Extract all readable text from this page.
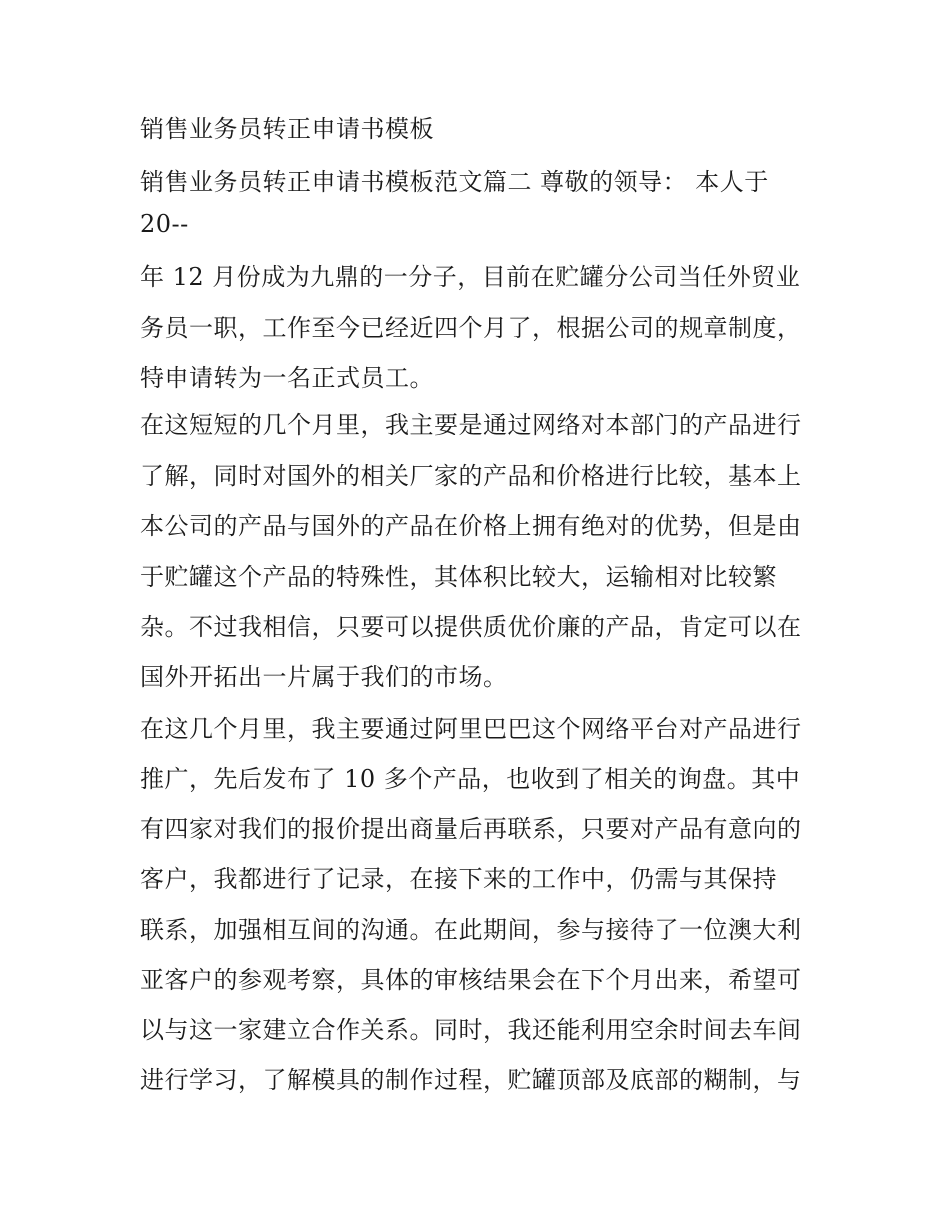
销售业务员转正申请书模板
销售业务员转正申请书模板范文篇二 尊敬的领导： 本人于
20--
年 12 月份成为九鼎的一分子，目前在贮罐分公司当任外贸业
务员一职，工作至今已经近四个月了，根据公司的规章制度，
特申请转为一名正式员工。
在这短短的几个月里，我主要是通过网络对本部门的产品进行
了解，同时对国外的相关厂家的产品和价格进行比较，基本上
本公司的产品与国外的产品在价格上拥有绝对的优势，但是由
于贮罐这个产品的特殊性，其体积比较大，运输相对比较繁
杂。不过我相信，只要可以提供质优价廉的产品，肯定可以在
国外开拓出一片属于我们的市场。
在这几个月里，我主要通过阿里巴巴这个网络平台对产品进行
推广，先后发布了 10 多个产品，也收到了相关的询盘。其中
有四家对我们的报价提出商量后再联系，只要对产品有意向的
客户，我都进行了记录，在接下来的工作中，仍需与其保持
联系，加强相互间的沟通。在此期间，参与接待了一位澳大利
亚客户的参观考察，具体的审核结果会在下个月出来，希望可
以与这一家建立合作关系。同时，我还能利用空余时间去车间
进行学习，了解模具的制作过程，贮罐顶部及底部的糊制，与
